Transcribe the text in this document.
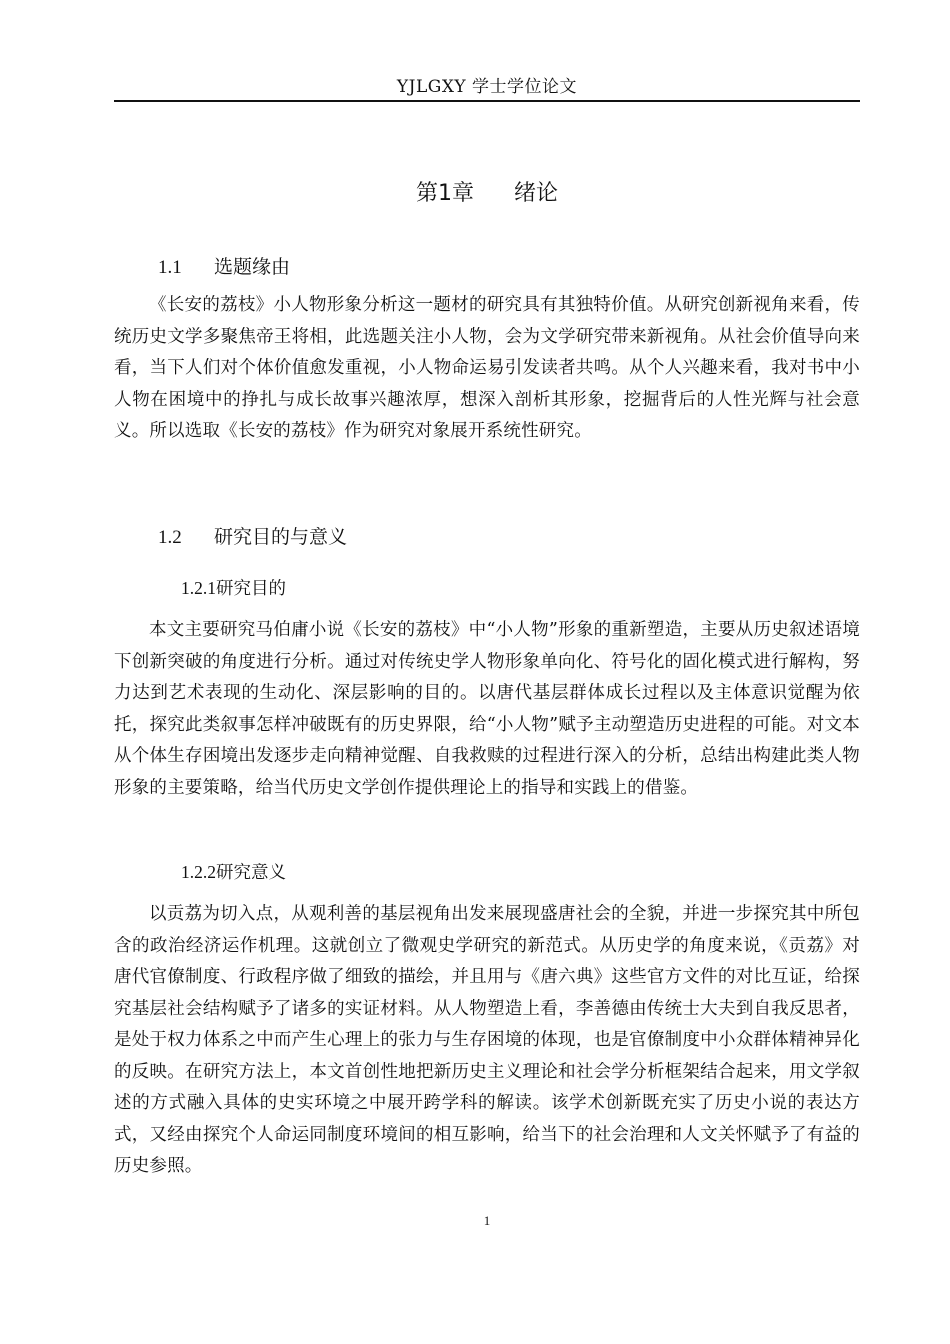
YJLGXY 学士学位论文
第1章 绪论
1.1 选题缘由

《长安的荔枝》小人物形象分析这一题材的研究具有其独特价值。从研究创新视角来看，传统历史文学多聚焦帝王将相，此选题关注小人物，会为文学研究带来新视角。从社会价值导向来看，当下人们对个体价值愈发重视，小人物命运易引发读者共鸣。从个人兴趣来看，我对书中小人物在困境中的挣扎与成长故事兴趣浓厚，想深入剖析其形象，挖掘背后的人性光辉与社会意义。所以选取《长安的荔枝》作为研究对象展开系统性研究。

1.2 研究目的与意义
1.2.1研究目的

本文主要研究马伯庸小说《长安的荔枝》中“小人物”形象的重新塑造，主要从历史叙述语境下创新突破的角度进行分析。通过对传统史学人物形象单向化、符号化的固化模式进行解构，努力达到艺术表现的生动化、深层影响的目的。以唐代基层群体成长过程以及主体意识觉醒为依托，探究此类叙事怎样冲破既有的历史界限，给“小人物”赋予主动塑造历史进程的可能。对文本从个体生存困境出发逐步走向精神觉醒、自我救赎的过程进行深入的分析，总结出构建此类人物形象的主要策略，给当代历史文学创作提供理论上的指导和实践上的借鉴。

1.2.2研究意义

以贡荔为切入点，从观利善的基层视角出发来展现盛唐社会的全貌，并进一步探究其中所包含的政治经济运作机理。这就创立了微观史学研究的新范式。从历史学的角度来说，《贡荔》对唐代官僚制度、行政程序做了细致的描绘，并且用与《唐六典》这些官方文件的对比互证，给探究基层社会结构赋予了诸多的实证材料。从人物塑造上看，李善德由传统士大夫到自我反思者，是处于权力体系之中而产生心理上的张力与生存困境的体现，也是官僚制度中小众群体精神异化的反映。在研究方法上，本文首创性地把新历史主义理论和社会学分析框架结合起来，用文学叙述的方式融入具体的史实环境之中展开跨学科的解读。该学术创新既充实了历史小说的表达方式，又经由探究个人命运同制度环境间的相互影响，给当下的社会治理和人文关怀赋予了有益的历史参照。

1
